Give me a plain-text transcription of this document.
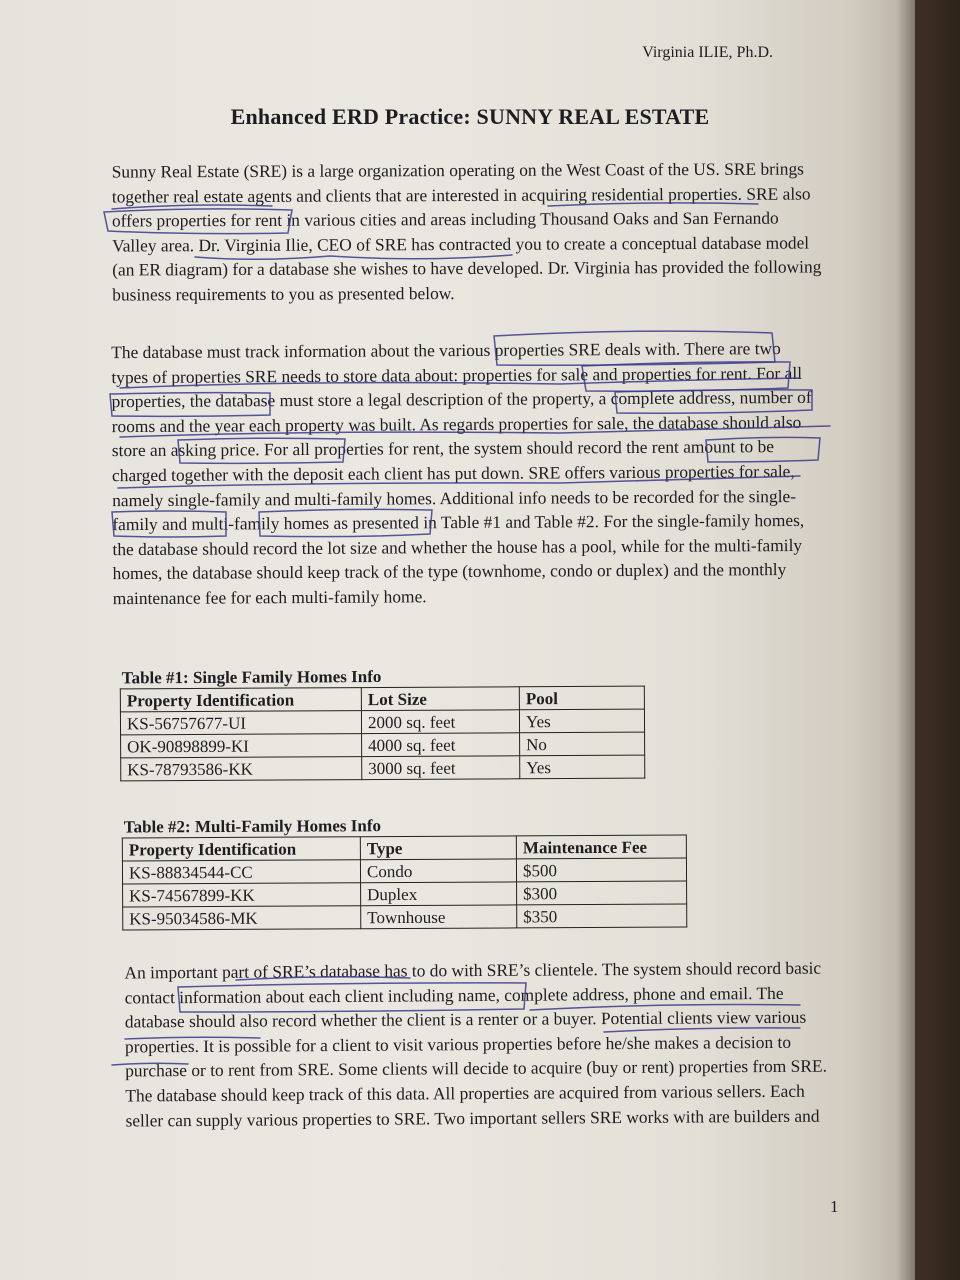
Virginia ILIE, Ph.D.
Enhanced ERD Practice: SUNNY REAL ESTATE
Sunny Real Estate (SRE) is a large organization operating on the West Coast of the US. SRE brings together real estate agents and clients that are interested in acquiring residential properties. SRE also offers properties for rent in various cities and areas including Thousand Oaks and San Fernando Valley area. Dr. Virginia Ilie, CEO of SRE has contracted you to create a conceptual database model (an ER diagram) for a database she wishes to have developed. Dr. Virginia has provided the following business requirements to you as presented below.
The database must track information about the various properties SRE deals with. There are two types of properties SRE needs to store data about: properties for sale and properties for rent. For all properties, the database must store a legal description of the property, a complete address, number of rooms and the year each property was built. As regards properties for sale, the database should also store an asking price. For all properties for rent, the system should record the rent amount to be charged together with the deposit each client has put down. SRE offers various properties for sale, namely single-family and multi-family homes. Additional info needs to be recorded for the single-family and multi-family homes as presented in Table #1 and Table #2. For the single-family homes, the database should record the lot size and whether the house has a pool, while for the multi-family homes, the database should keep track of the type (townhome, condo or duplex) and the monthly maintenance fee for each multi-family home.
Table #1: Single Family Homes Info
Property Identification	Lot Size	Pool
KS-56757677-UI	2000 sq. feet	Yes
OK-90898899-KI	4000 sq. feet	No
KS-78793586-KK	3000 sq. feet	Yes
Table #2: Multi-Family Homes Info
Property Identification	Type	Maintenance Fee
KS-88834544-CC	Condo	$500
KS-74567899-KK	Duplex	$300
KS-95034586-MK	Townhouse	$350
An important part of SRE’s database has to do with SRE’s clientele. The system should record basic contact information about each client including name, complete address, phone and email. The database should also record whether the client is a renter or a buyer. Potential clients view various properties. It is possible for a client to visit various properties before he/she makes a decision to purchase or to rent from SRE. Some clients will decide to acquire (buy or rent) properties from SRE. The database should keep track of this data. All properties are acquired from various sellers. Each seller can supply various properties to SRE. Two important sellers SRE works with are builders and
1
